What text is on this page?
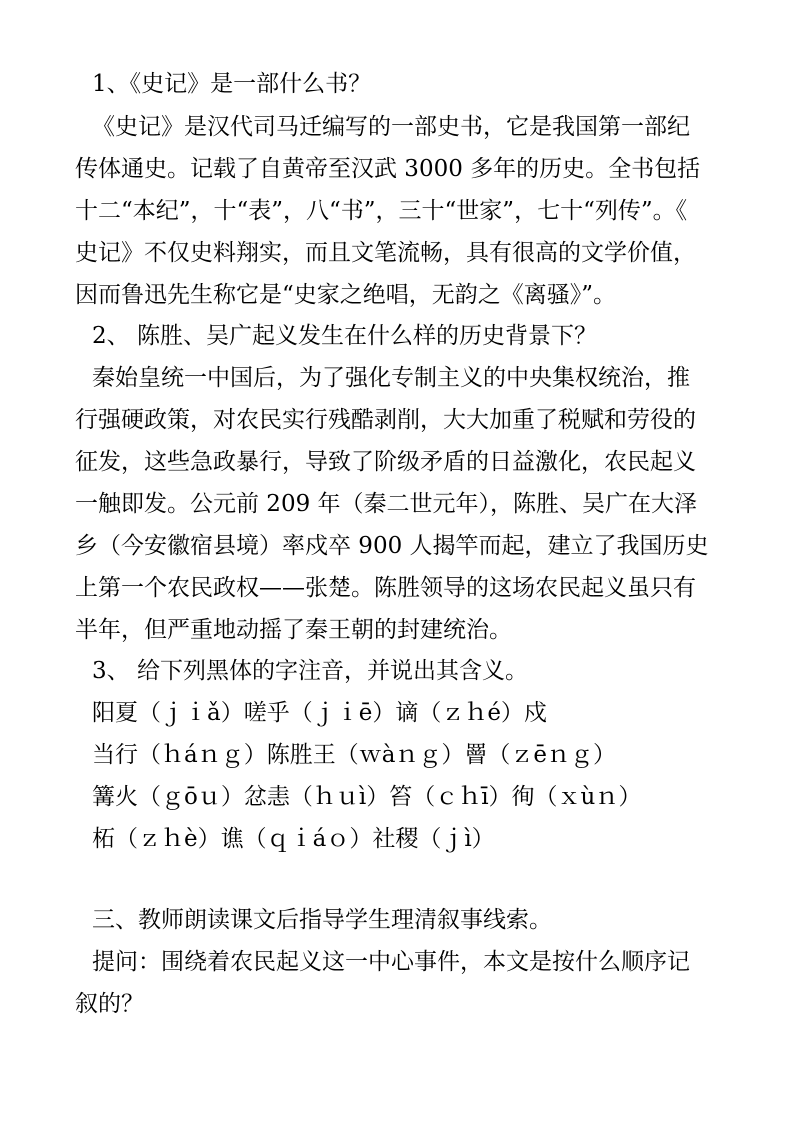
1、《史记》是一部什么书？
《史记》是汉代司马迁编写的一部史书，它是我国第一部纪
传体通史。记载了自黄帝至汉武 3000 多年的历史。全书包括
十二“本纪”，十“表”，八“书”，三十“世家”，七十“列传”。《
史记》不仅史料翔实，而且文笔流畅，具有很高的文学价值，
因而鲁迅先生称它是“史家之绝唱，无韵之《离骚》”。
2、 陈胜、吴广起义发生在什么样的历史背景下？
秦始皇统一中国后，为了强化专制主义的中央集权统治，推
行强硬政策，对农民实行残酷剥削，大大加重了税赋和劳役的
征发，这些急政暴行，导致了阶级矛盾的日益激化，农民起义
一触即发。公元前 209 年（秦二世元年），陈胜、吴广在大泽
乡（今安徽宿县境）率戍卒 900 人揭竿而起，建立了我国历史
上第一个农民政权——张楚。陈胜领导的这场农民起义虽只有
半年，但严重地动摇了秦王朝的封建统治。
3、 给下列黑体的字注音，并说出其含义。
阳夏（ｊｉǎ）嗟乎（ｊｉē）谪（ｚｈé）戍
当行（ｈáｎｇ）陈胜王（ｗàｎｇ）罾（ｚēｎｇ）
篝火（ｇōｕ）忿恚（ｈｕì）笞（ｃｈī）徇（ｘùｎ）
柘（ｚｈè）谯（ｑｉáｏ）社稷（ｊì）
三、教师朗读课文后指导学生理清叙事线索。
提问：围绕着农民起义这一中心事件，本文是按什么顺序记
叙的？
